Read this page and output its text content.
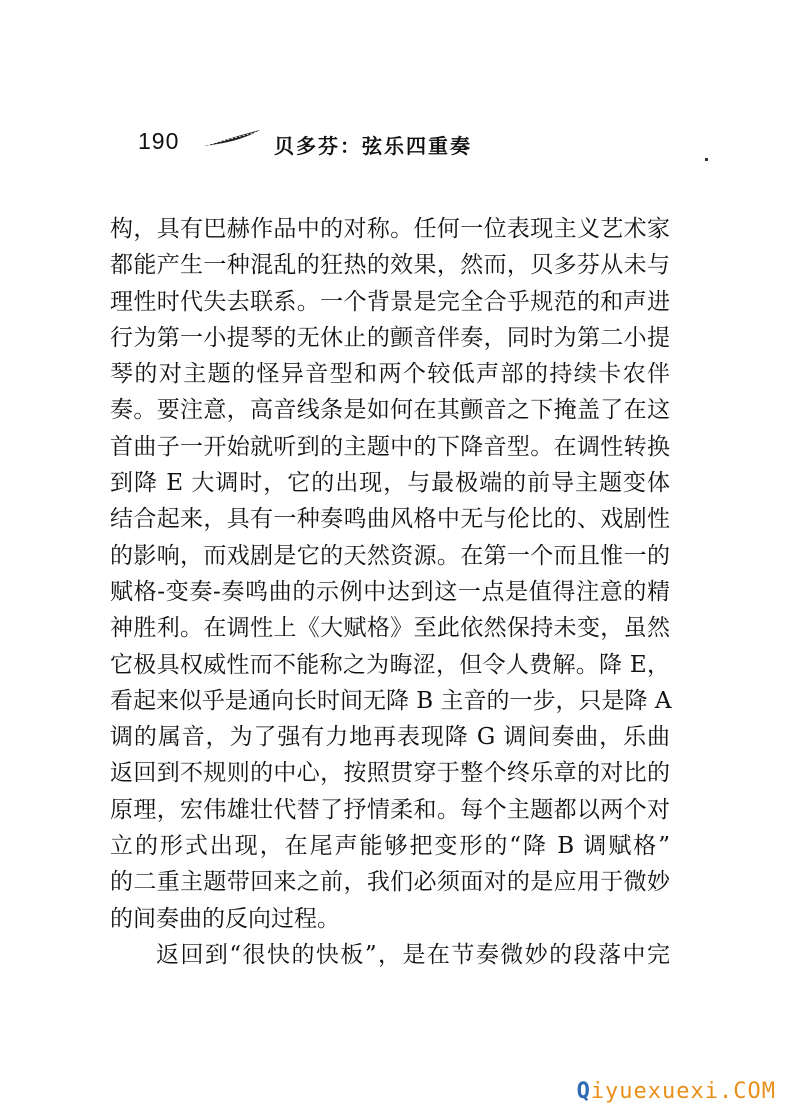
190	贝多芬：弦乐四重奏
构，具有巴赫作品中的对称。任何一位表现主义艺术家
都能产生一种混乱的狂热的效果，然而，贝多芬从未与
理性时代失去联系。一个背景是完全合乎规范的和声进
行为第一小提琴的无休止的颤音伴奏，同时为第二小提
琴的对主题的怪异音型和两个较低声部的持续卡农伴
奏。要注意，高音线条是如何在其颤音之下掩盖了在这
首曲子一开始就听到的主题中的下降音型。在调性转换
到降 E 大调时，它的出现，与最极端的前导主题变体
结合起来，具有一种奏鸣曲风格中无与伦比的、戏剧性
的影响，而戏剧是它的天然资源。在第一个而且惟一的
赋格-变奏-奏鸣曲的示例中达到这一点是值得注意的精
神胜利。在调性上《大赋格》至此依然保持未变，虽然
它极具权威性而不能称之为晦涩，但令人费解。降 E，
看起来似乎是通向长时间无降 B 主音的一步，只是降 A
调的属音，为了强有力地再表现降 G 调间奏曲，乐曲
返回到不规则的中心，按照贯穿于整个终乐章的对比的
原理，宏伟雄壮代替了抒情柔和。每个主题都以两个对
立的形式出现，在尾声能够把变形的“降 B 调赋格”
的二重主题带回来之前，我们必须面对的是应用于微妙
的间奏曲的反向过程。
返回到“很快的快板”，是在节奏微妙的段落中完
Qiyuexuexi.COM
